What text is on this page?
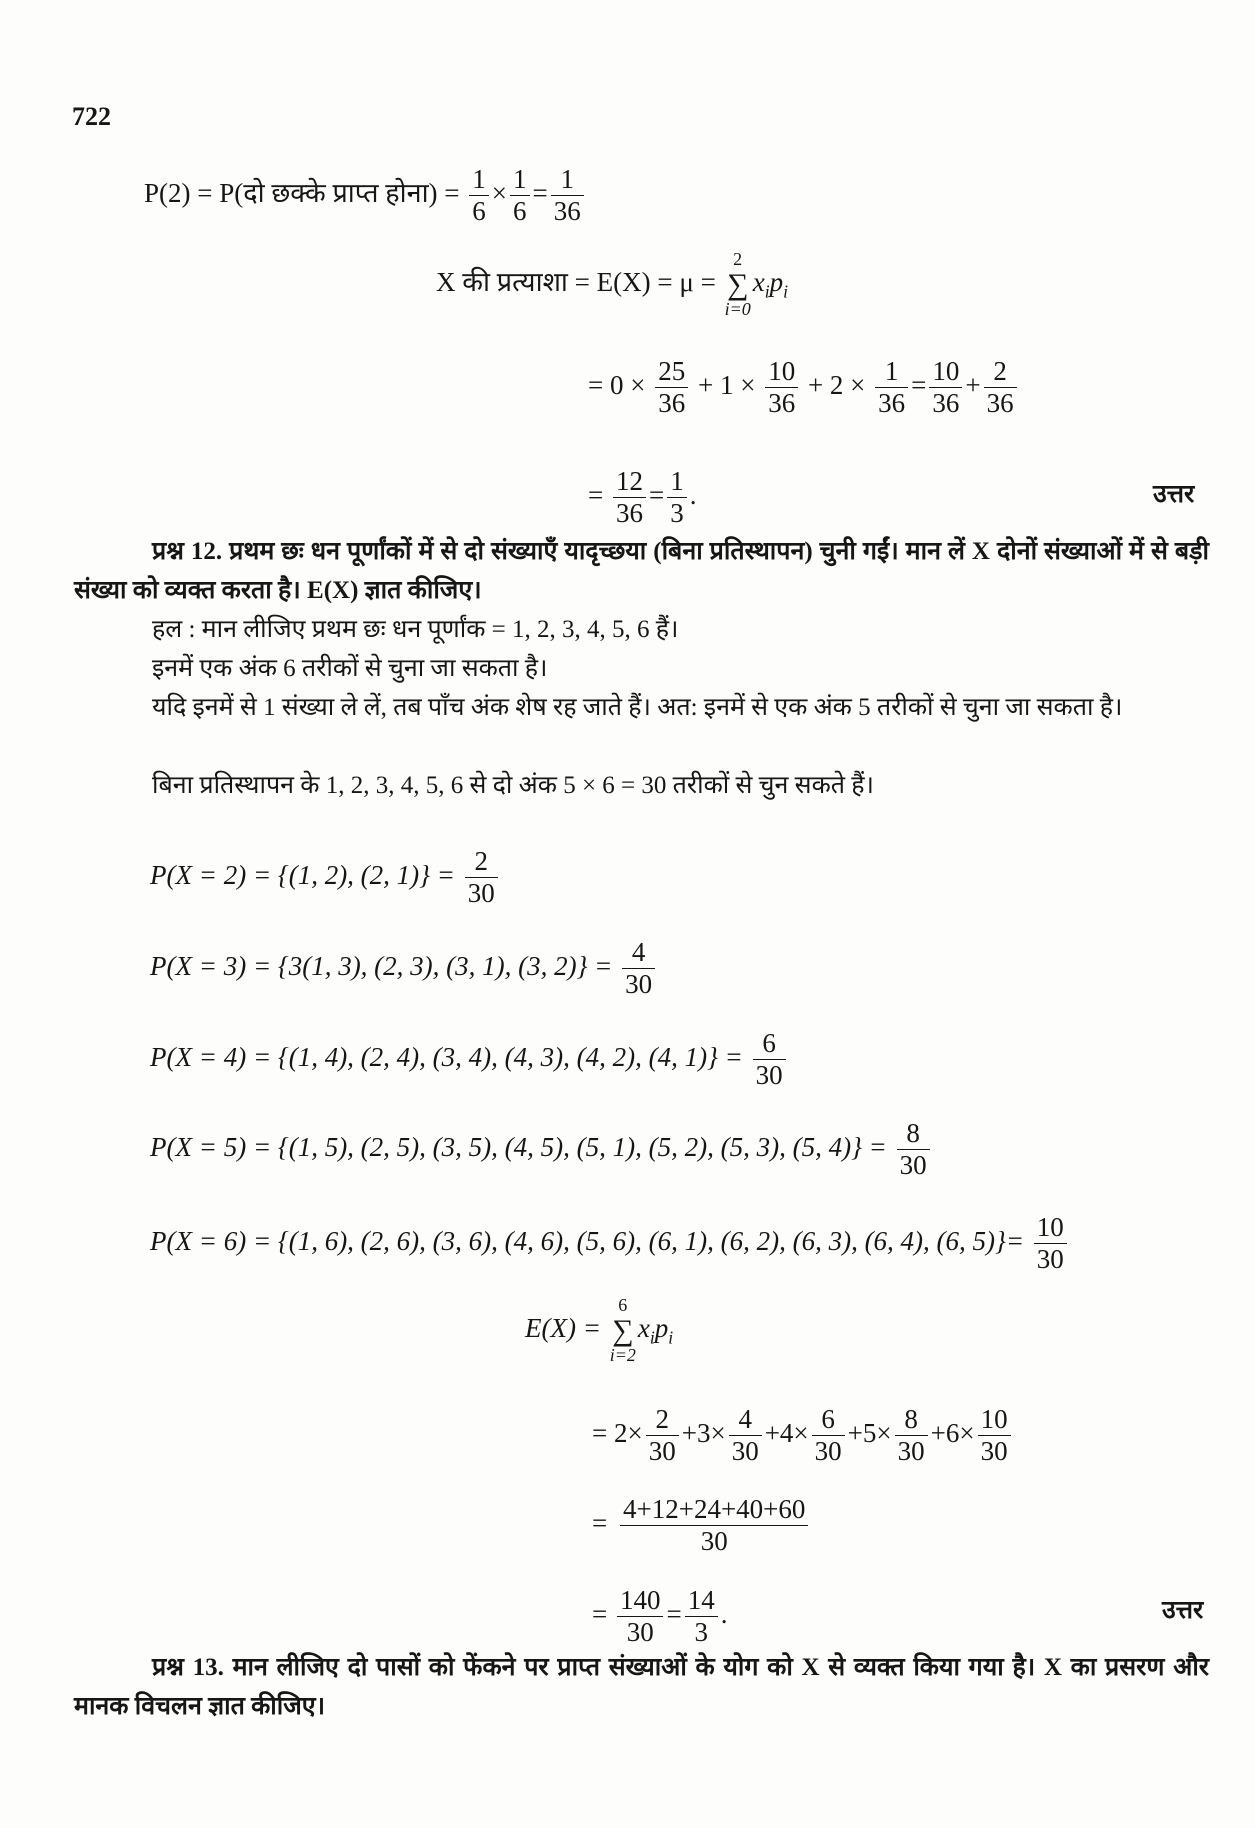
722
P(2) = P(दो छक्के प्राप्त होना) = $\frac{1}{6} \times \frac{1}{6} = \frac{1}{36}$
X की प्रत्याशा = E(X) = μ =
2
∑
i=0
$x_ip_i$
= $0 \times \frac{25}{36} + 1 \times \frac{10}{36} + 2 \times \frac{1}{36} = \frac{10}{36} + \frac{2}{36}$
= $\frac{12}{36} = \frac{1}{3}$ .	उत्तर
प्रश्न 12. प्रथम छः धन पूर्णांकों में से दो संख्याएँ यादृच्छया (बिना प्रतिस्थापन) चुनी गईं। मान लें X दोनों संख्याओं में से बड़ी संख्या को व्यक्त करता है। E(X) ज्ञात कीजिए।
हल : मान लीजिए प्रथम छः धन पूर्णांक = 1, 2, 3, 4, 5, 6 हैं।
इनमें एक अंक 6 तरीकों से चुना जा सकता है।
यदि इनमें से 1 संख्या ले लें, तब पाँच अंक शेष रह जाते हैं। अत: इनमें से एक अंक 5 तरीकों से चुना जा सकता है।
बिना प्रतिस्थापन के 1, 2, 3, 4, 5, 6 से दो अंक 5 × 6 = 30 तरीकों से चुन सकते हैं।
P(X = 2) = {(1, 2), (2, $1)\} = \frac{2}{30}$
P(X = 3) = {3(1, 3), (2, 3), (3, 1), (3, $2)\} = \frac{4}{30}$
P(X = 4) = {(1, 4), (2, 4), (3, 4), (4, 3), (4, 2), (4, $1)\} = \frac{6}{30}$
P(X = 5) = {(1, 5), (2, 5), (3, 5), (4, 5), (5, 1), (5, 2), (5, 3), (5, $4)\} = \frac{8}{30}$
P(X = 6) = {(1, 6), (2, 6), (3, 6), (4, 6), (5, 6), (6, 1), (6, 2), (6, 3), (6, 4), (6, $5)\}= \frac{10}{30}$
E(X) =
6
∑
i=2
$x_ip_i$
= $2\times \frac{2}{30} +3\times \frac{4}{30} +4\times \frac{6}{30} +5\times \frac{8}{30} +6\times \frac{10}{30}$
= $\frac{4+12+24+40+60}{30}$
= $\frac{140}{30} = \frac{14}{3}$ .	उत्तर
प्रश्न 13. मान लीजिए दो पासों को फेंकने पर प्राप्त संख्याओं के योग को X से व्यक्त किया गया है। X का प्रसरण और मानक विचलन ज्ञात कीजिए।
